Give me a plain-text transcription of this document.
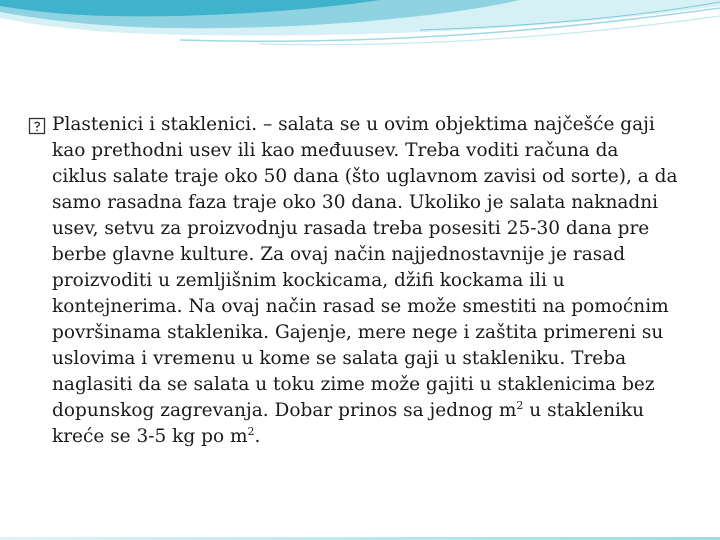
Plastenici i staklenici. – salata se u ovim objektima najčešće gaji kao prethodni usev ili kao međuusev. Treba voditi računa da ciklus salate traje oko 50 dana (što uglavnom zavisi od sorte), a da samo rasadna faza traje oko 30 dana. Ukoliko je salata naknadni usev, setvu za proizvodnju rasada treba posesiti 25-30 dana pre berbe glavne kulture. Za ovaj način najjednostavnije je rasad proizvoditi u zemljišnim kockicama, džifi kockama ili u kontejnerima. Na ovaj način rasad se može smestiti na pomoćnim površinama staklenika. Gajenje, mere nege i zaštita primereni su uslovima i vremenu u kome se salata gaji u stakleniku. Treba naglasiti da se salata u toku zime može gajiti u staklenicima bez dopunskog zagrevanja. Dobar prinos sa jednog $m^2$ u stakleniku kreće se 3-5 kg po $m^2$.
